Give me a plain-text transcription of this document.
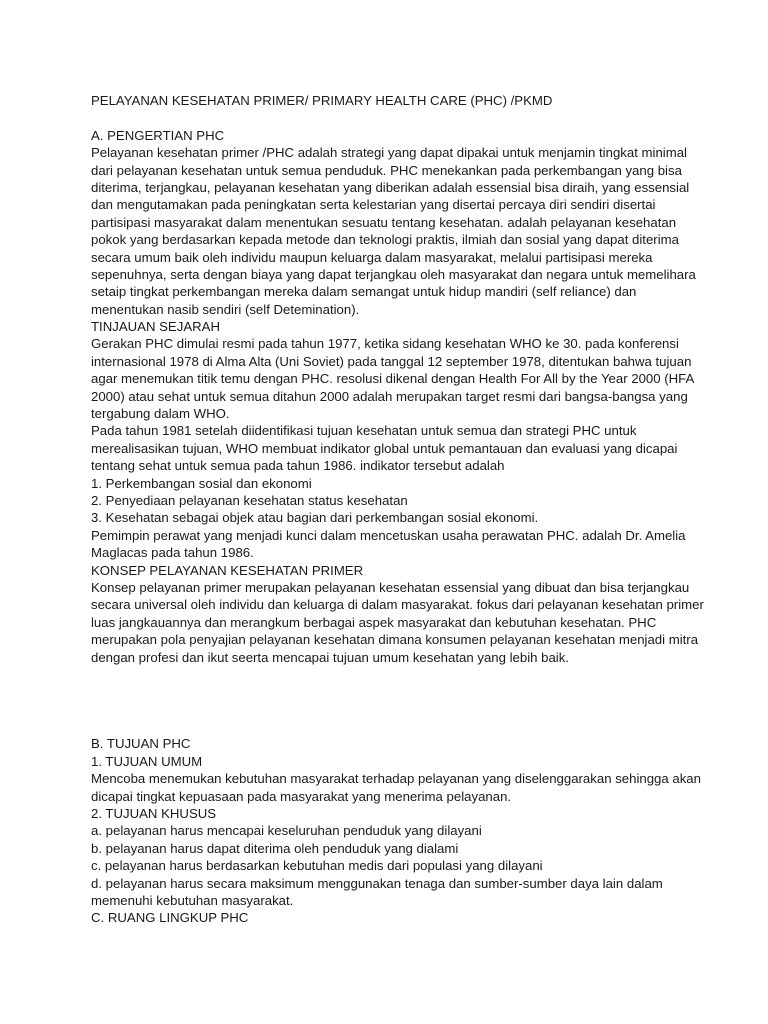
PELAYANAN KESEHATAN PRIMER/ PRIMARY HEALTH CARE (PHC) /PKMD
A. PENGERTIAN PHC
Pelayanan kesehatan primer /PHC adalah strategi yang dapat dipakai untuk menjamin tingkat minimal
dari pelayanan kesehatan untuk semua penduduk. PHC menekankan pada perkembangan yang bisa
diterima, terjangkau, pelayanan kesehatan yang diberikan adalah essensial bisa diraih, yang essensial
dan mengutamakan pada peningkatan serta kelestarian yang disertai percaya diri sendiri disertai
partisipasi masyarakat dalam menentukan sesuatu tentang kesehatan. adalah pelayanan kesehatan
pokok yang berdasarkan kepada metode dan teknologi praktis, ilmiah dan sosial yang dapat diterima
secara umum baik oleh individu maupun keluarga dalam masyarakat, melalui partisipasi mereka
sepenuhnya, serta dengan biaya yang dapat terjangkau oleh masyarakat dan negara untuk memelihara
setaip tingkat perkembangan mereka dalam semangat untuk hidup mandiri (self reliance) dan
menentukan nasib sendiri (self Detemination).
TINJAUAN SEJARAH
Gerakan PHC dimulai resmi pada tahun 1977, ketika sidang kesehatan WHO ke 30. pada konferensi
internasional 1978 di Alma Alta (Uni Soviet) pada tanggal 12 september 1978, ditentukan bahwa tujuan
agar menemukan titik temu dengan PHC. resolusi dikenal dengan Health For All by the Year 2000 (HFA
2000) atau sehat untuk semua ditahun 2000 adalah merupakan target resmi dari bangsa-bangsa yang
tergabung dalam WHO.
Pada tahun 1981 setelah diidentifikasi tujuan kesehatan untuk semua dan strategi PHC untuk
merealisasikan tujuan, WHO membuat indikator global untuk pemantauan dan evaluasi yang dicapai
tentang sehat untuk semua pada tahun 1986. indikator tersebut adalah
1. Perkembangan sosial dan ekonomi
2. Penyediaan pelayanan kesehatan status kesehatan
3. Kesehatan sebagai objek atau bagian dari perkembangan sosial ekonomi.
Pemimpin perawat yang menjadi kunci dalam mencetuskan usaha perawatan PHC. adalah Dr. Amelia
Maglacas pada tahun 1986.
KONSEP PELAYANAN KESEHATAN PRIMER
Konsep pelayanan primer merupakan pelayanan kesehatan essensial yang dibuat dan bisa terjangkau
secara universal oleh individu dan keluarga di dalam masyarakat. fokus dari pelayanan kesehatan primer
luas jangkauannya dan merangkum berbagai aspek masyarakat dan kebutuhan kesehatan. PHC
merupakan pola penyajian pelayanan kesehatan dimana konsumen pelayanan kesehatan menjadi mitra
dengan profesi dan ikut seerta mencapai tujuan umum kesehatan yang lebih baik.
B. TUJUAN PHC
1. TUJUAN UMUM
Mencoba menemukan kebutuhan masyarakat terhadap pelayanan yang diselenggarakan sehingga akan
dicapai tingkat kepuasaan pada masyarakat yang menerima pelayanan.
2. TUJUAN KHUSUS
a. pelayanan harus mencapai keseluruhan penduduk yang dilayani
b. pelayanan harus dapat diterima oleh penduduk yang dialami
c. pelayanan harus berdasarkan kebutuhan medis dari populasi yang dilayani
d. pelayanan harus secara maksimum menggunakan tenaga dan sumber-sumber daya lain dalam
memenuhi kebutuhan masyarakat.
C. RUANG LINGKUP PHC
